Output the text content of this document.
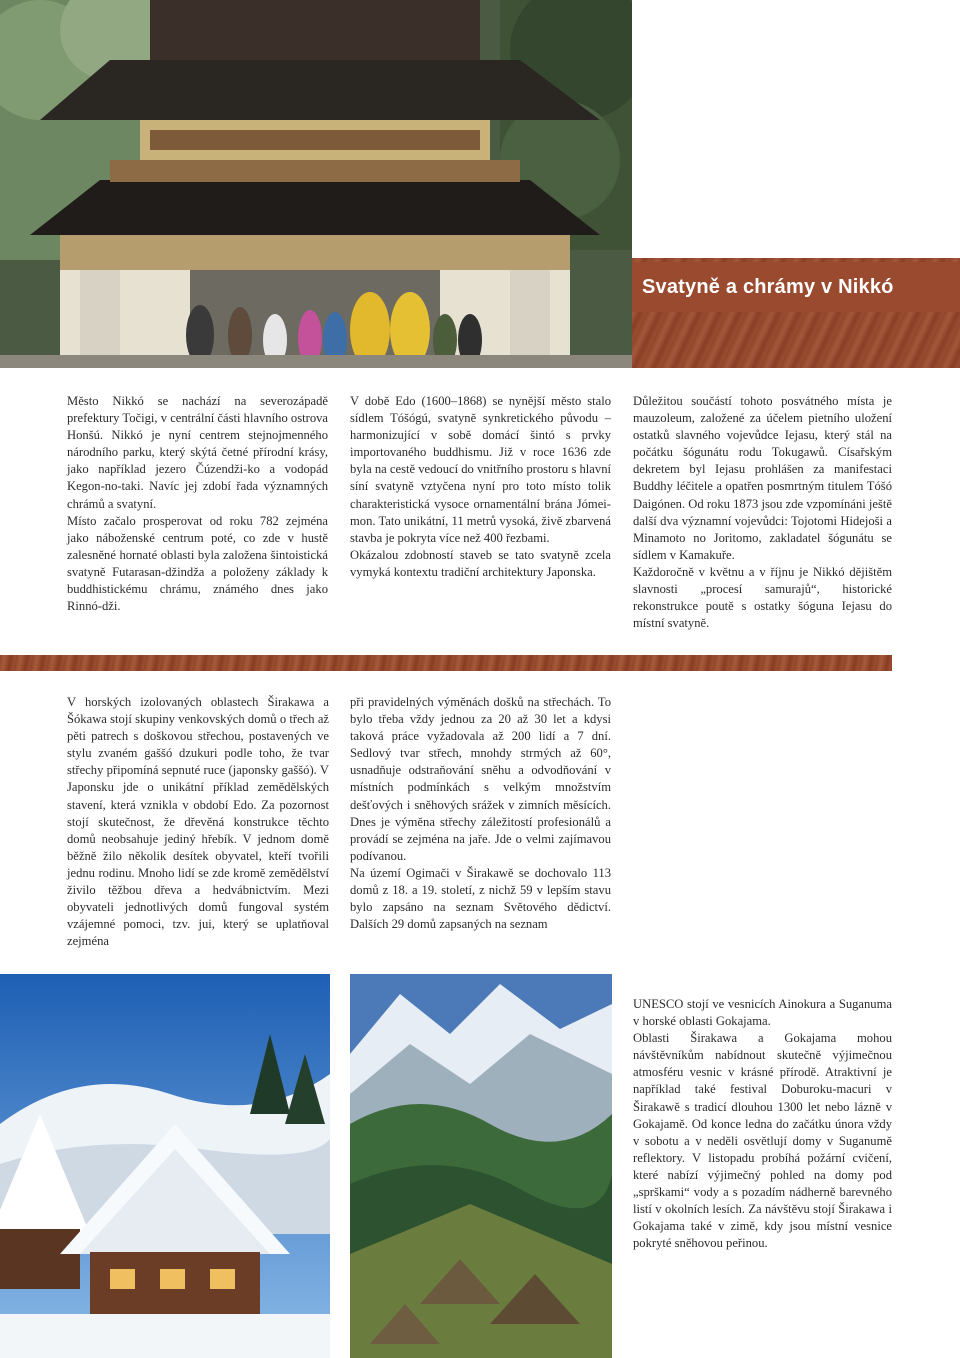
Svatyně a chrámy v Nikkó

Město Nikkó se nachází na severozápadě prefektury Točigi, v centrální části hlavního ostrova Honšú. Nikkó je nyní centrem stejnojmenného národního parku, který skýtá četné přírodní krásy, jako například jezero Čúzendži-ko a vodopád Kegon-no-taki. Navíc jej zdobí řada významných chrámů a svatyní.

Místo začalo prosperovat od roku 782 zejména jako náboženské centrum poté, co zde v hustě zalesněné hornaté oblasti byla založena šintoistická svatyně Futarasan-džindža a položeny základy k buddhistickému chrámu, známého dnes jako Rinnó-dži.

V době Edo (1600–1868) se nynější město stalo sídlem Tóšógú, svatyně synkretického původu – harmonizující v sobě domácí šintó s prvky importovaného buddhismu. Již v roce 1636 zde byla na cestě vedoucí do vnitřního prostoru s hlavní síní svatyně vztyčena nyní pro toto místo tolik charakteristická vysoce ornamentální brána Jómei-mon. Tato unikátní, 11 metrů vysoká, živě zbarvená stavba je pokryta více než 400 řezbami.

Okázalou zdobností staveb se tato svatyně zcela vymyká kontextu tradiční architektury Japonska.

Důležitou součástí tohoto posvátného místa je mauzoleum, založené za účelem pietního uložení ostatků slavného vojevůdce Iejasu, který stál na počátku šógunátu rodu Tokugawů. Císařským dekretem byl Iejasu prohlášen za manifestaci Buddhy léčitele a opatřen posmrtným titulem Tóšó Daigónen. Od roku 1873 jsou zde vzpomínáni ještě další dva významní vojevůdci: Tojotomi Hidejoši a Minamoto no Joritomo, zakladatel šógunátu se sídlem v Kamakuře.

Každoročně v květnu a v říjnu je Nikkó dějištěm slavnosti „procesí samurajů“, historické rekonstrukce poutě s ostatky šóguna Iejasu do místní svatyně.

V horských izolovaných oblastech Širakawa a Šókawa stojí skupiny venkovských domů o třech až pěti patrech s doškovou střechou, postavených ve stylu zvaném gaššó dzukuri podle toho, že tvar střechy připomíná sepnuté ruce (japonsky gaššó). V Japonsku jde o unikátní příklad zemědělských stavení, která vznikla v období Edo. Za pozornost stojí skutečnost, že dřevěná konstrukce těchto domů neobsahuje jediný hřebík. V jednom domě běžně žilo několik desítek obyvatel, kteří tvořili jednu rodinu. Mnoho lidí se zde kromě zemědělství živilo těžbou dřeva a hedvábnictvím. Mezi obyvateli jednotlivých domů fungoval systém vzájemné pomoci, tzv. jui, který se uplatňoval zejména

při pravidelných výměnách došků na střechách. To bylo třeba vždy jednou za 20 až 30 let a kdysi taková práce vyžadovala až 200 lidí a 7 dní. Sedlový tvar střech, mnohdy strmých až 60°, usnadňuje odstraňování sněhu a odvodňování v místních podmínkách s velkým množstvím dešťových i sněhových srážek v zimních měsících. Dnes je výměna střechy záležitostí profesionálů a provádí se zejména na jaře. Jde o velmi zajímavou podívanou.

Na území Ogimači v Širakawě se dochovalo 113 domů z 18. a 19. století, z nichž 59 v lepším stavu bylo zapsáno na seznam Světového dědictví. Dalších 29 domů zapsaných na seznam

UNESCO stojí ve vesnicích Ainokura a Suganuma v horské oblasti Gokajama.

Oblasti Širakawa a Gokajama mohou návštěvníkům nabídnout skutečně výjimečnou atmosféru vesnic v krásné přírodě. Atraktivní je například také festival Doburoku-macuri v Širakawě s tradicí dlouhou 1300 let nebo lázně v Gokajamě. Od konce ledna do začátku února vždy v sobotu a v neděli osvětlují domy v Suganumě reflektory. V listopadu probíhá požární cvičení, které nabízí výjimečný pohled na domy pod „sprškami“ vody a s pozadím nádherně barevného listí v okolních lesích. Za návštěvu stojí Širakawa i Gokajama také v zimě, kdy jsou místní vesnice pokryté sněhovou peřinou.
